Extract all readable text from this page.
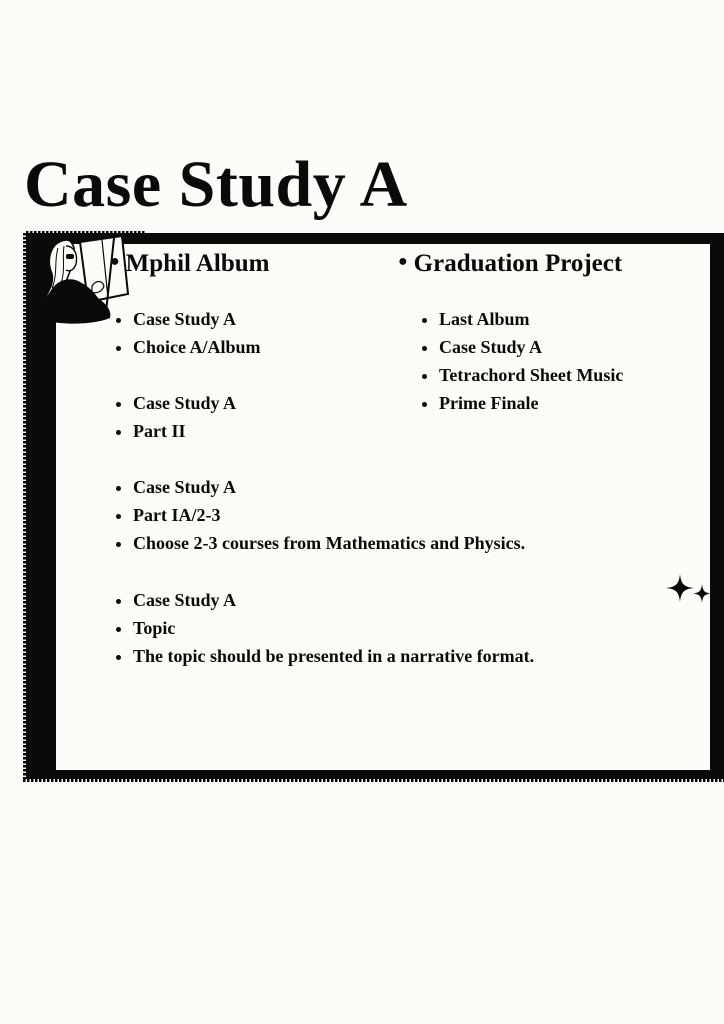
Case Study A
● Mphil Album	● Graduation Project
Case Study A
Choice A/Album
Case Study A
Part II
Case Study A
Part IA/2-3
Choose 2-3 courses from Mathematics and Physics.
Case Study A
Topic
The topic should be presented in a narrative format.
Last Album
Case Study A
Tetrachord Sheet Music
Prime Finale
